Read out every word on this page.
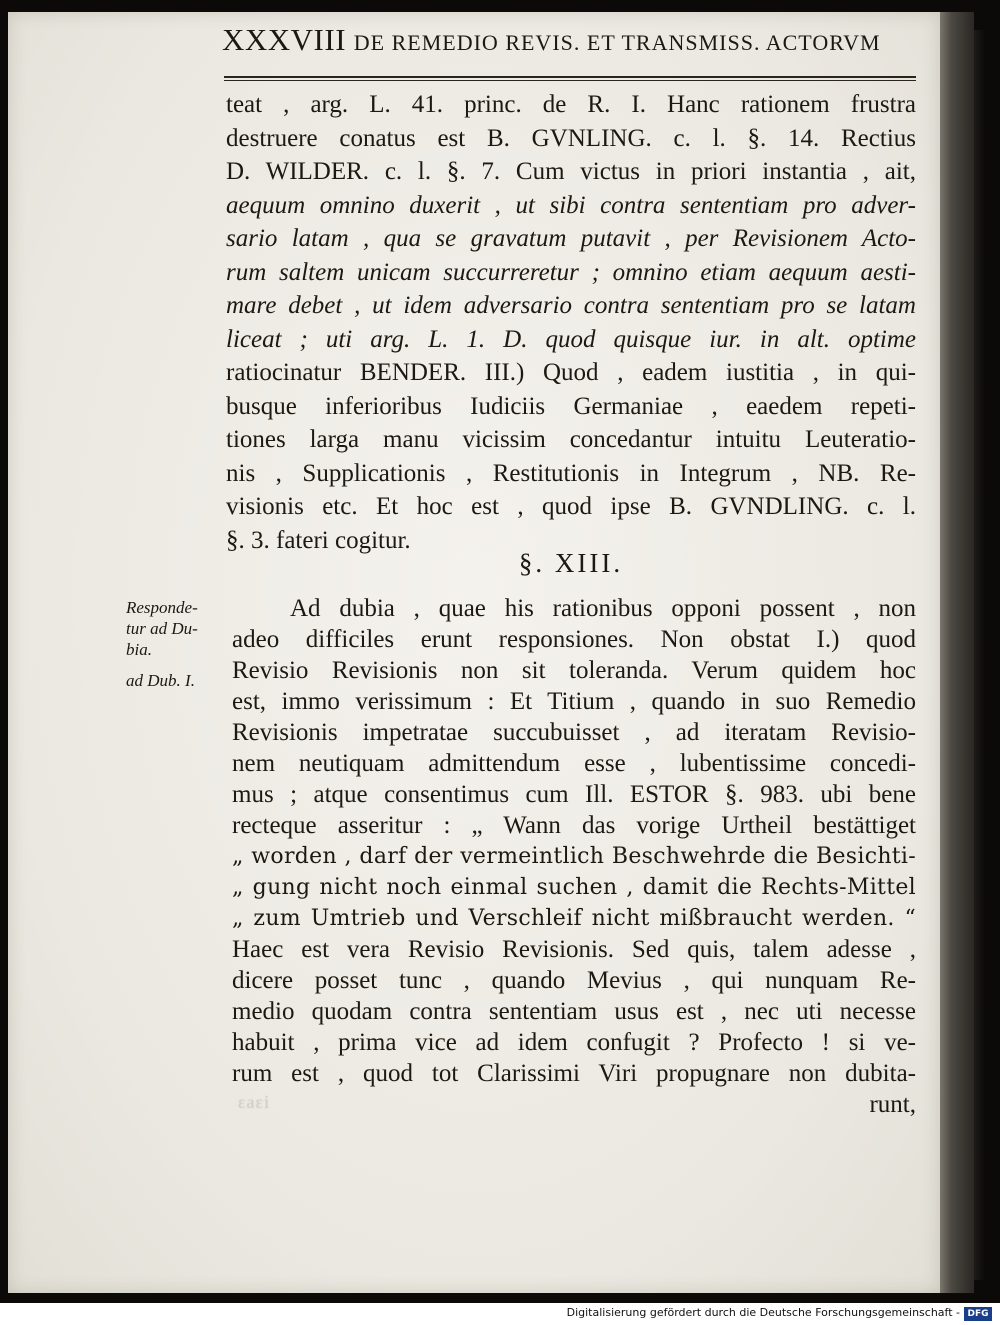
XXXVIII DE REMEDIO REVIS. ET TRANSMISS. ACTORVM
teat , arg. L. 41. princ. de R. I. Hanc rationem frustra
destruere conatus est B. GVNLING. c. l. §. 14. Rectius
D. WILDER. c. l. §. 7. Cum victus in priori instantia , ait,
aequum omnino duxerit , ut sibi contra sententiam pro adver-
sario latam , qua se gravatum putavit , per Revisionem Acto-
rum saltem unicam succurreretur ; omnino etiam aequum aesti-
mare debet , ut idem adversario contra sententiam pro se latam
liceat ; uti arg. L. 1. D. quod quisque iur. in alt. optime
ratiocinatur BENDER. III.) Quod , eadem iustitia , in qui-
busque inferioribus Iudiciis Germaniae , eaedem repeti-
tiones larga manu vicissim concedantur intuitu Leuteratio-
nis , Supplicationis , Restitutionis in Integrum , NB. Re-
visionis etc. Et hoc est , quod ipse B. GVNDLING. c. l.
§. 3. fateri cogitur.
§. XIII.
Ad dubia , quae his rationibus opponi possent , non
adeo difficiles erunt responsiones. Non obstat I.) quod
Revisio Revisionis non sit toleranda. Verum quidem hoc
est, immo verissimum : Et Titium , quando in suo Remedio
Revisionis impetratae succubuisset , ad iteratam Revisio-
nem neutiquam admittendum esse , lubentissime concedi-
mus ; atque consentimus cum Ill. ESTOR §. 983. ubi bene
recteque asseritur : „ Wann das vorige Urtheil bestättiget
„ worden , darf der vermeintlich Beschwehrde die Besichti-
„ gung nicht noch einmal suchen , damit die Rechts-Mittel
„ zum Umtrieb und Verschleif nicht mißbraucht werden. “
Haec est vera Revisio Revisionis. Sed quis, talem adesse ,
dicere posset tunc , quando Mevius , qui nunquam Re-
medio quodam contra sententiam usus est , nec uti necesse
habuit , prima vice ad idem confugit ? Profecto ! si ve-
rum est , quod tot Clarissimi Viri propugnare non dubita-
runt,
Responde-
tur ad Du-
bia.
ad Dub. I.
ɛaɛi
Digitalisierung gefördert durch die Deutsche Forschungsgemeinschaft - DFG
